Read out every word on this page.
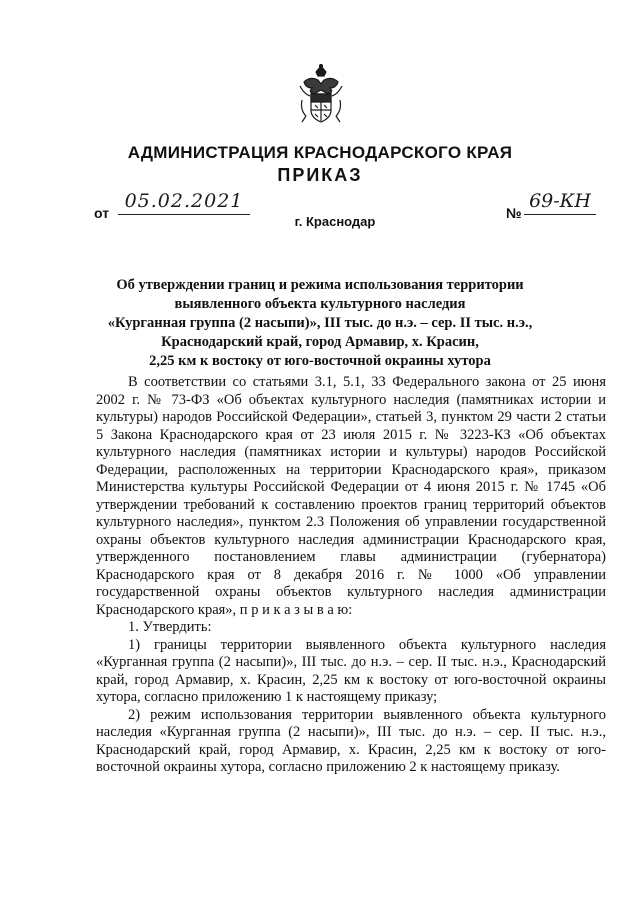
АДМИНИСТРАЦИЯ КРАСНОДАРСКОГО КРАЯ
ПРИКАЗ
от
05.02.2021
№
69-КН
г. Краснодар
Об утверждении границ и режима использования территории
выявленного объекта культурного наследия
«Курганная группа (2 насыпи)», III тыс. до н.э. – сер. II тыс. н.э.,
Краснодарский край, город Армавир, х. Красин,
2,25 км к востоку от юго-восточной окраины хутора

В соответствии со статьями 3.1, 5.1, 33 Федерального закона от 25 июня 2002 г. № 73-ФЗ «Об объектах культурного наследия (памятниках истории и культуры) народов Российской Федерации», статьей 3, пунктом 29 части 2 статьи 5 Закона Краснодарского края от 23 июля 2015 г. № 3223-КЗ «Об объектах культурного наследия (памятниках истории и культуры) народов Российской Федерации, расположенных на территории Краснодарского края», приказом Министерства культуры Российской Федерации от 4 июня 2015 г. № 1745 «Об утверждении требований к составлению проектов границ территорий объектов культурного наследия», пунктом 2.3 Положения об управлении государственной охраны объектов культурного наследия администрации Краснодарского края, утвержденного постановлением главы администрации (губернатора) Краснодарского края от 8 декабря 2016 г. № 1000 «Об управлении государственной охраны объектов культурного наследия администрации Краснодарского края», п р и к а з ы в а ю:

1. Утвердить:

1) границы территории выявленного объекта культурного наследия «Курганная группа (2 насыпи)», III тыс. до н.э. – сер. II тыс. н.э., Краснодарский край, город Армавир, х. Красин, 2,25 км к востоку от юго-восточной окраины хутора, согласно приложению 1 к настоящему приказу;

2) режим использования территории выявленного объекта культурного наследия «Курганная группа (2 насыпи)», III тыс. до н.э. – сер. II тыс. н.э., Краснодарский край, город Армавир, х. Красин, 2,25 км к востоку от юго-восточной окраины хутора, согласно приложению 2 к настоящему приказу.
